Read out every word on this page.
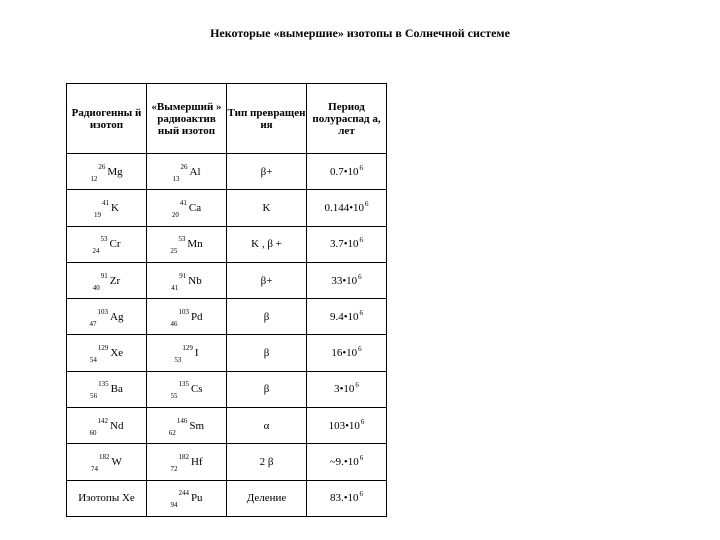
Некоторые «вымершие» изотопы в Солнечной системе
Радиогенны й изотоп	«Вымерший » радиоактив ный изотоп	Тип превращен ия	Период полураспад а, лет
$_{12}^{26}$ Mg	$_{13}^{26}$ Al	β+	$0.7•10^6$
$_{19}^{41}$ K	$_{20}^{41}$ Ca	K	$0.144•10^6$
$_{24}^{53}$ Cr	$_{25}^{53}$ Mn	K , β +	$3.7•10^6$
$_{40}^{91}$ Zr	$_{41}^{91}$ Nb	β+	$33•10^6$
$_{47}^{103}$ Ag	$_{46}^{103}$ Pd	β	$9.4•10^6$
$_{54}^{129}$ Xe	$_{53}^{129}$ I	β	$16•10^6$
$_{56}^{135}$ Ba	$_{55}^{135}$ Cs	β	$3•10^6$
$_{60}^{142}$ Nd	$_{62}^{146}$ Sm	α	$103•10^6$
$_{74}^{182}$ W	$_{72}^{182}$ Hf	2 β	$\sim 9.•10^6$
Изотопы Xe	$_{94}^{244}$ Pu	Деление	$83.•10^6$
